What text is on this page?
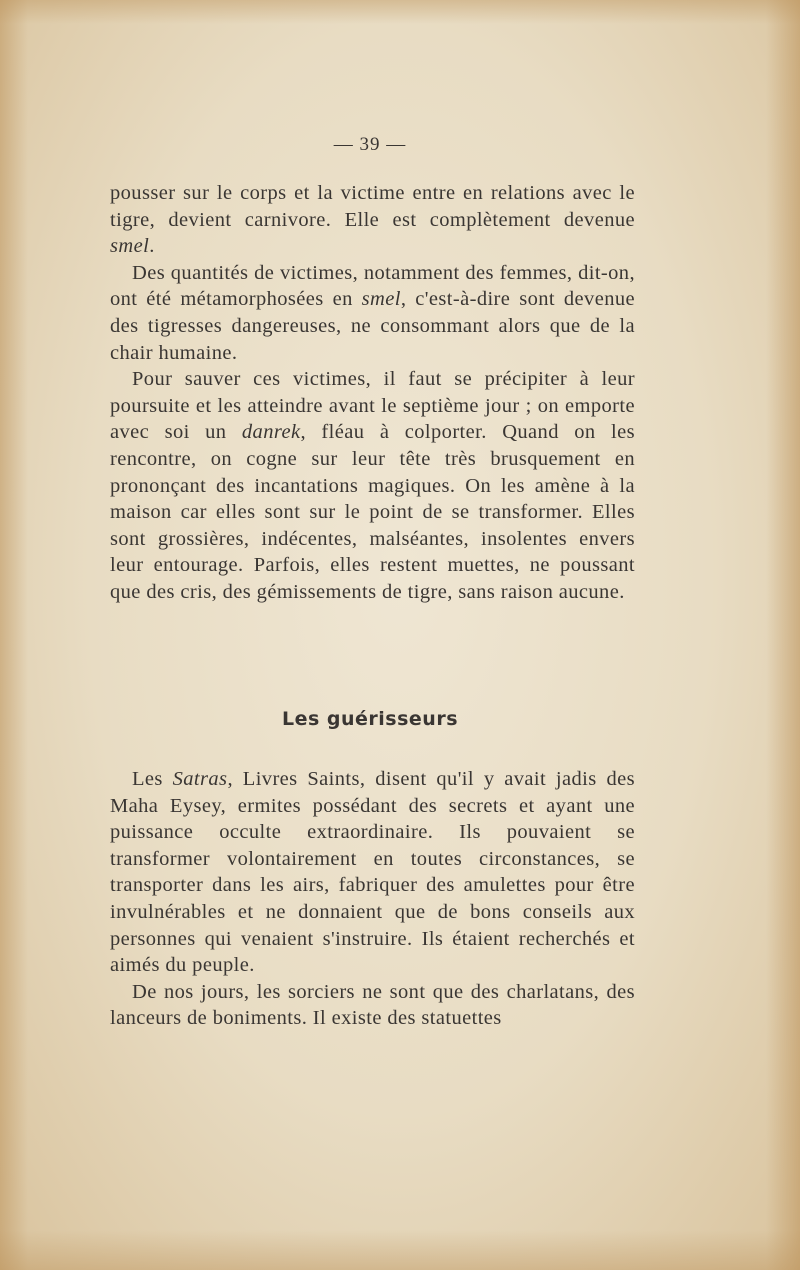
— 39 —

pousser sur le corps et la victime entre en relations avec le tigre, devient carnivore. Elle est complètement devenue smel.

Des quantités de victimes, notamment des femmes, dit-on, ont été métamorphosées en smel, c'est-à-dire sont devenue des tigresses dangereuses, ne consommant alors que de la chair humaine.

Pour sauver ces victimes, il faut se précipiter à leur poursuite et les atteindre avant le septième jour ; on emporte avec soi un danrek, fléau à colporter. Quand on les rencontre, on cogne sur leur tête très brusquement en prononçant des incantations magiques. On les amène à la maison car elles sont sur le point de se transformer. Elles sont grossières, indécentes, malséantes, insolentes envers leur entourage. Parfois, elles restent muettes, ne poussant que des cris, des gémissements de tigre, sans raison aucune.

Les guérisseurs

Les Satras, Livres Saints, disent qu'il y avait jadis des Maha Eysey, ermites possédant des secrets et ayant une puissance occulte extraordinaire. Ils pouvaient se transformer volontairement en toutes circonstances, se transporter dans les airs, fabriquer des amulettes pour être invulnérables et ne donnaient que de bons conseils aux personnes qui venaient s'instruire. Ils étaient recherchés et aimés du peuple.

De nos jours, les sorciers ne sont que des charlatans, des lanceurs de boniments. Il existe des statuettes
